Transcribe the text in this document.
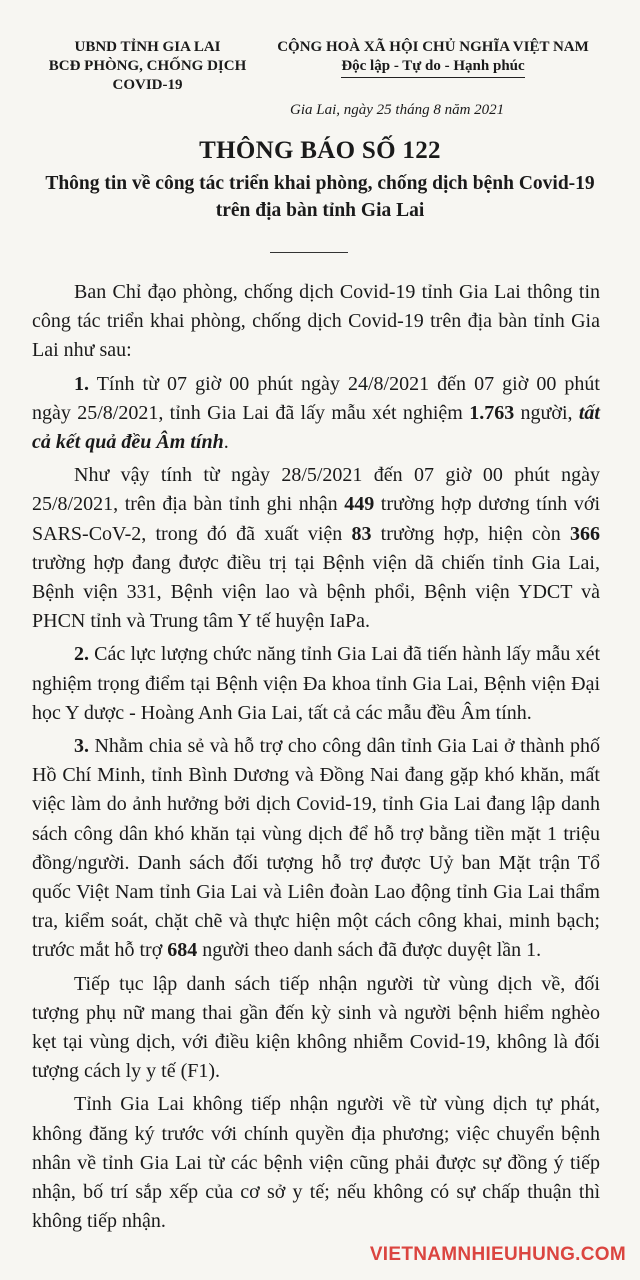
UBND TỈNH GIA LAI
BCĐ PHÒNG, CHỐNG DỊCH
COVID-19
CỘNG HOÀ XÃ HỘI CHỦ NGHĨA VIỆT NAM
Độc lập - Tự do - Hạnh phúc
Gia Lai, ngày 25 tháng 8 năm 2021
THÔNG BÁO SỐ 122
Thông tin về công tác triển khai phòng, chống dịch bệnh Covid-19
trên địa bàn tỉnh Gia Lai

Ban Chỉ đạo phòng, chống dịch Covid-19 tỉnh Gia Lai thông tin công tác triển khai phòng, chống dịch Covid-19 trên địa bàn tỉnh Gia Lai như sau:

1. Tính từ 07 giờ 00 phút ngày 24/8/2021 đến 07 giờ 00 phút ngày 25/8/2021, tỉnh Gia Lai đã lấy mẫu xét nghiệm 1.763 người, tất cả kết quả đều Âm tính.

Như vậy tính từ ngày 28/5/2021 đến 07 giờ 00 phút ngày 25/8/2021, trên địa bàn tỉnh ghi nhận 449 trường hợp dương tính với SARS-CoV-2, trong đó đã xuất viện 83 trường hợp, hiện còn 366 trường hợp đang được điều trị tại Bệnh viện dã chiến tỉnh Gia Lai, Bệnh viện 331, Bệnh viện lao và bệnh phổi, Bệnh viện YDCT và PHCN tỉnh và Trung tâm Y tế huyện IaPa.

2. Các lực lượng chức năng tỉnh Gia Lai đã tiến hành lấy mẫu xét nghiệm trọng điểm tại Bệnh viện Đa khoa tỉnh Gia Lai, Bệnh viện Đại học Y dược - Hoàng Anh Gia Lai, tất cả các mẫu đều Âm tính.

3. Nhằm chia sẻ và hỗ trợ cho công dân tỉnh Gia Lai ở thành phố Hồ Chí Minh, tỉnh Bình Dương và Đồng Nai đang gặp khó khăn, mất việc làm do ảnh hưởng bởi dịch Covid-19, tỉnh Gia Lai đang lập danh sách công dân khó khăn tại vùng dịch để hỗ trợ bằng tiền mặt 1 triệu đồng/người. Danh sách đối tượng hỗ trợ được Uỷ ban Mặt trận Tổ quốc Việt Nam tỉnh Gia Lai và Liên đoàn Lao động tỉnh Gia Lai thẩm tra, kiểm soát, chặt chẽ và thực hiện một cách công khai, minh bạch; trước mắt hỗ trợ 684 người theo danh sách đã được duyệt lần 1.

Tiếp tục lập danh sách tiếp nhận người từ vùng dịch về, đối tượng phụ nữ mang thai gần đến kỳ sinh và người bệnh hiểm nghèo kẹt tại vùng dịch, với điều kiện không nhiễm Covid-19, không là đối tượng cách ly y tế (F1).

Tỉnh Gia Lai không tiếp nhận người về từ vùng dịch tự phát, không đăng ký trước với chính quyền địa phương; việc chuyển bệnh nhân về tỉnh Gia Lai từ các bệnh viện cũng phải được sự đồng ý tiếp nhận, bố trí sắp xếp của cơ sở y tế; nếu không có sự chấp thuận thì không tiếp nhận.

VIETNAMNHIEUHUNG.COM
